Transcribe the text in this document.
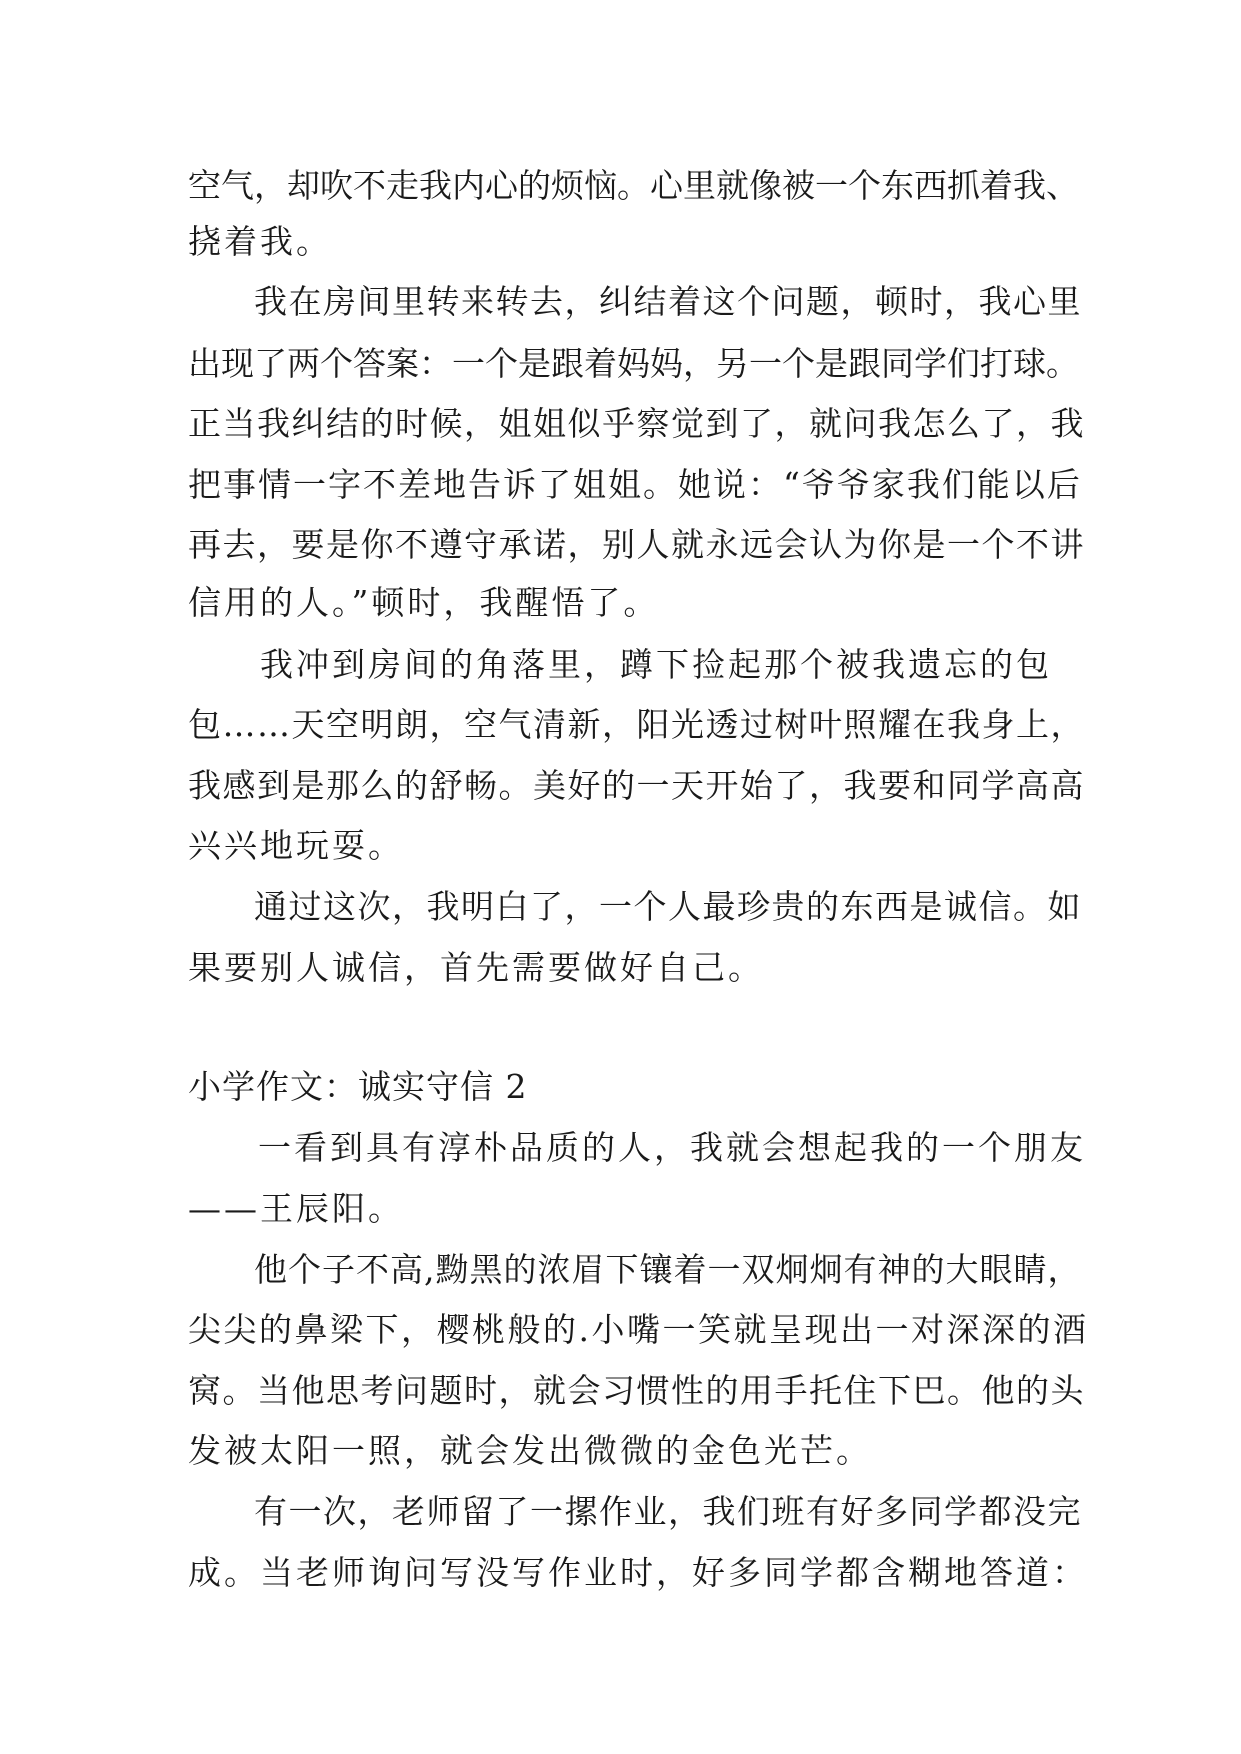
空气，却吹不走我内心的烦恼。心里就像被一个东西抓着我、
挠着我。
我在房间里转来转去，纠结着这个问题，顿时，我心里
出现了两个答案：一个是跟着妈妈，另一个是跟同学们打球。
正当我纠结的时候，姐姐似乎察觉到了，就问我怎么了，我
把事情一字不差地告诉了姐姐。她说：“爷爷家我们能以后
再去，要是你不遵守承诺，别人就永远会认为你是一个不讲
信用的人。”顿时，我醒悟了。
我冲到房间的角落里，蹲下捡起那个被我遗忘的包
包……天空明朗，空气清新，阳光透过树叶照耀在我身上，
我感到是那么的舒畅。美好的一天开始了，我要和同学高高
兴兴地玩耍。
通过这次，我明白了，一个人最珍贵的东西是诚信。如
果要别人诚信，首先需要做好自己。
小学作文：诚实守信 2
一看到具有淳朴品质的人，我就会想起我的一个朋友
——王辰阳。
他个子不高,黝黑的浓眉下镶着一双炯炯有神的大眼睛，
尖尖的鼻梁下，樱桃般的.小嘴一笑就呈现出一对深深的酒
窝。当他思考问题时，就会习惯性的用手托住下巴。他的头
发被太阳一照，就会发出微微的金色光芒。
有一次，老师留了一摞作业，我们班有好多同学都没完
成。当老师询问写没写作业时，好多同学都含糊地答道：
